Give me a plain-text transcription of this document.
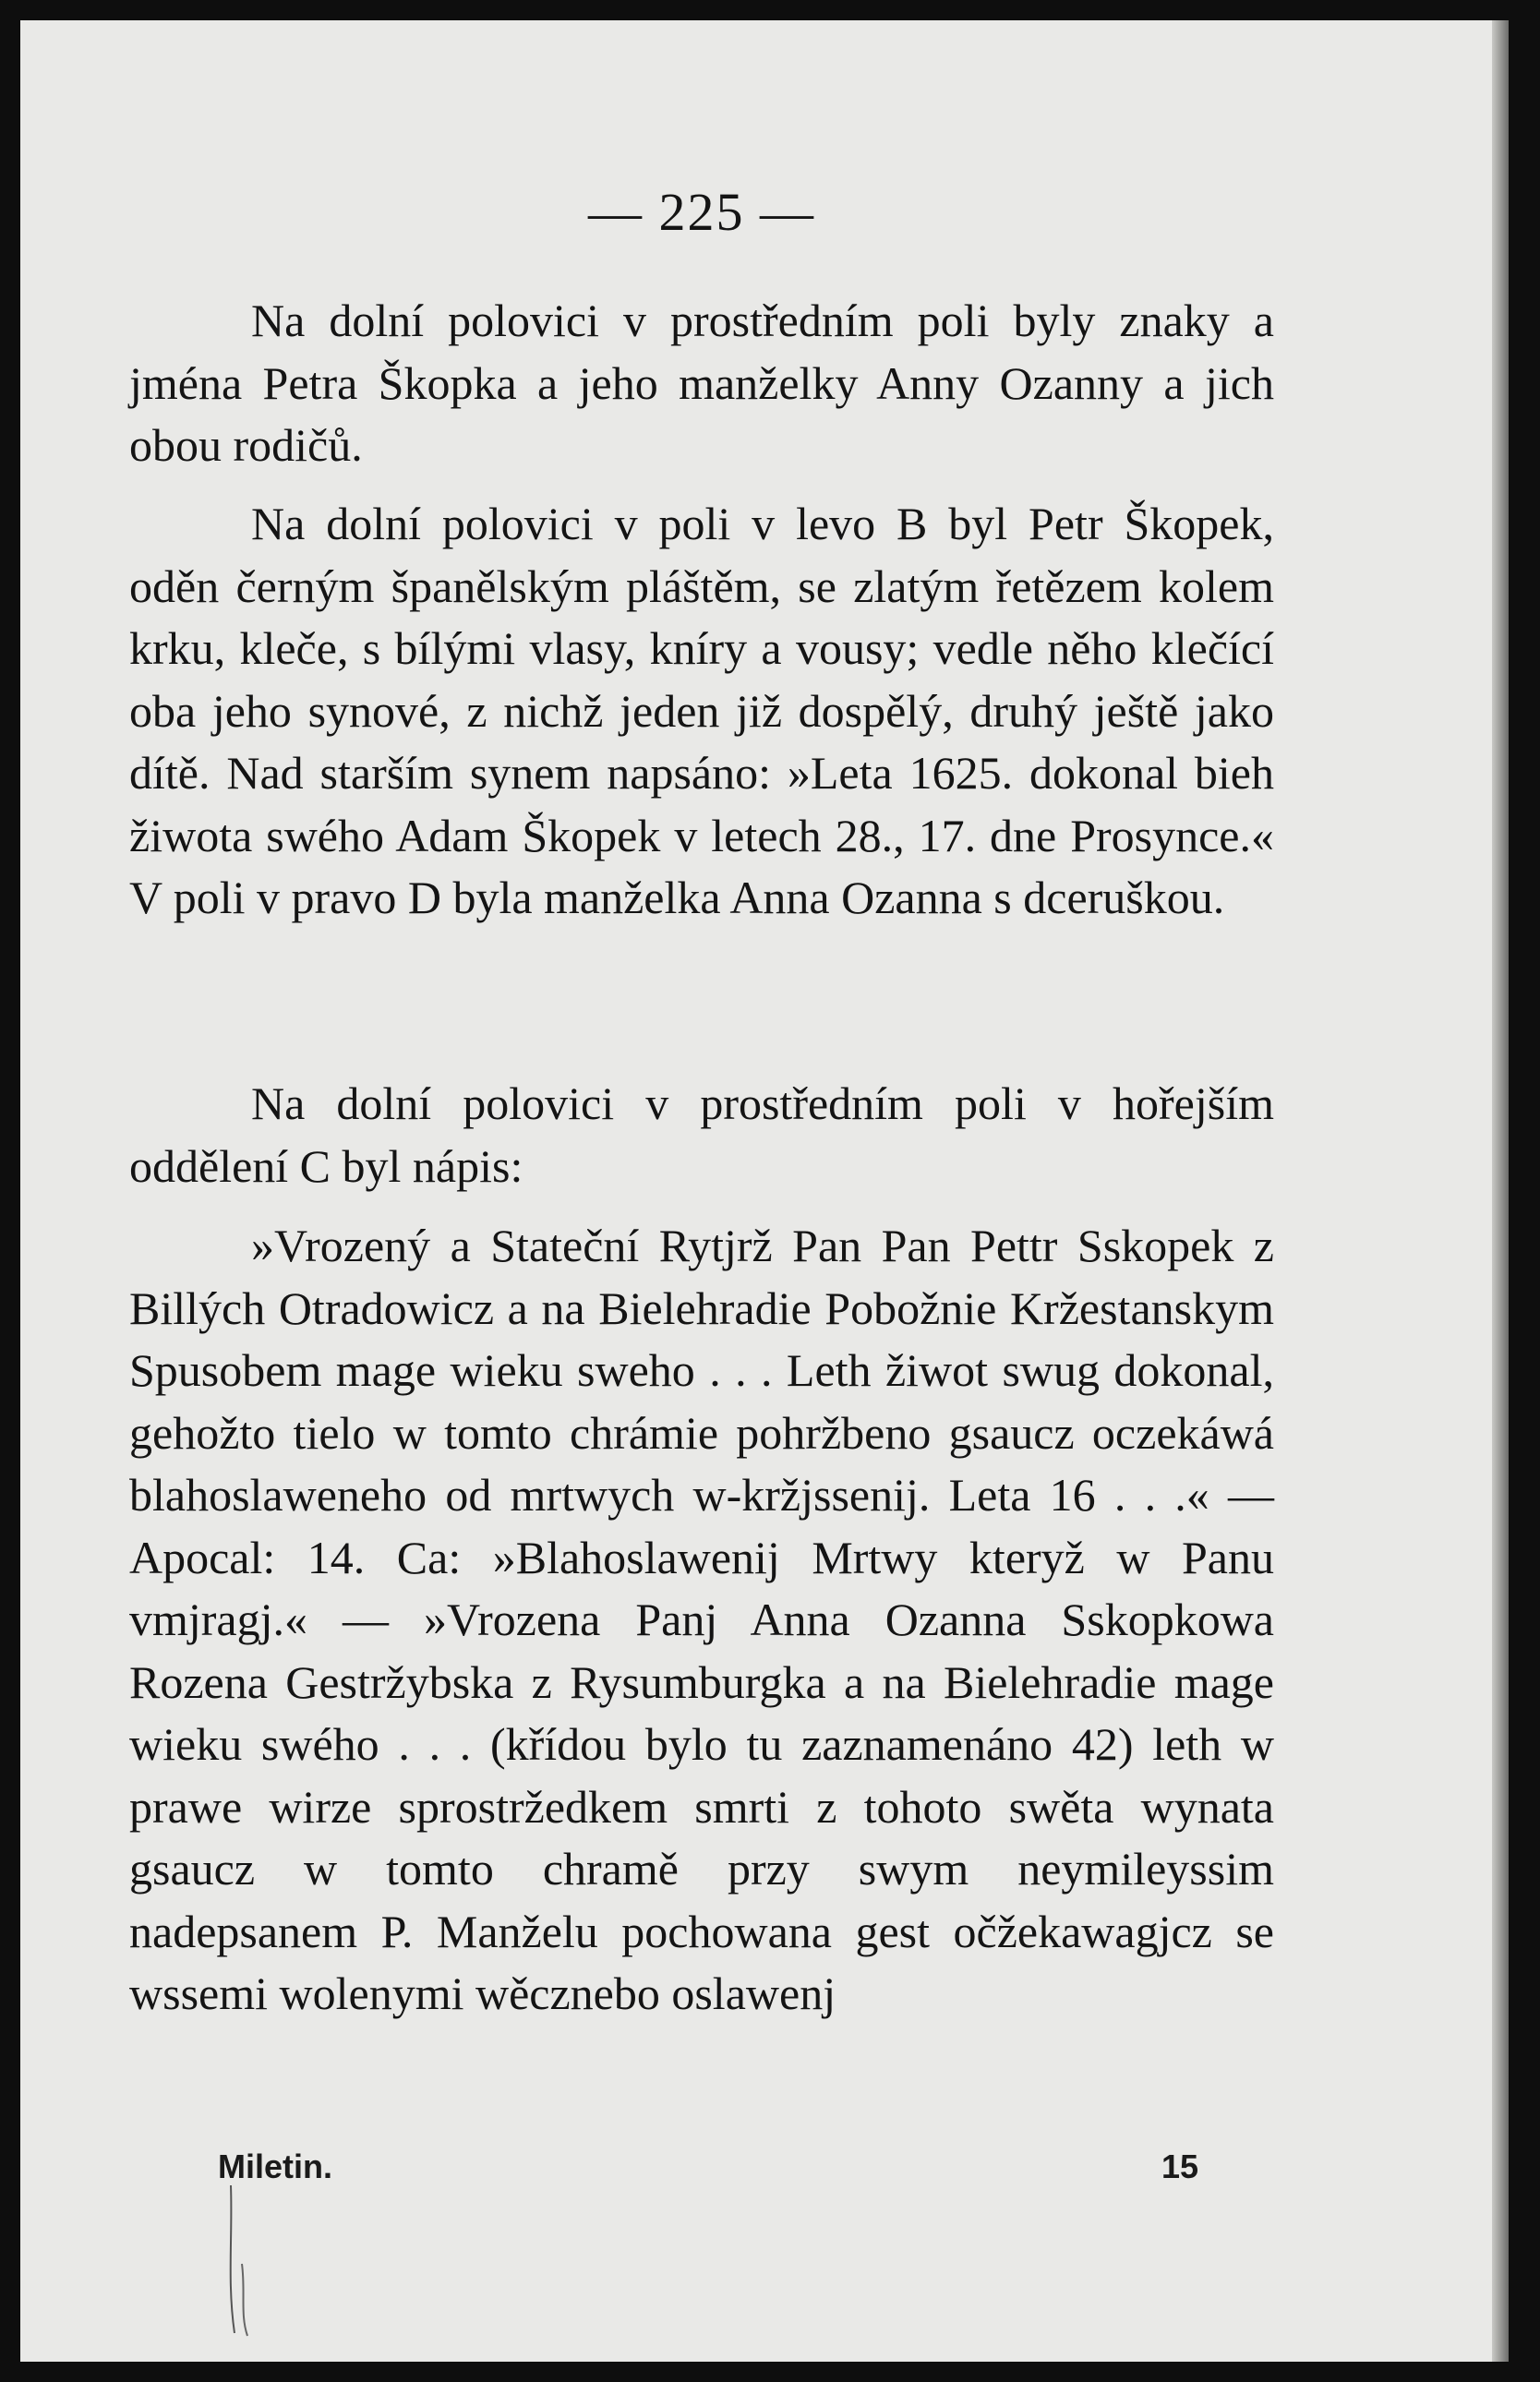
— 225 —

Na dolní polovici v prostředním poli byly znaky a jména Petra Škopka a jeho manželky Anny Ozanny a jich obou rodičů.

Na dolní polovici v poli v levo B byl Petr Škopek, oděn černým španělským pláštěm, se zlatým řetězem kolem krku, kleče, s bílými vlasy, kníry a vousy; vedle něho klečící oba jeho synové, z nichž jeden již dospělý, druhý ještě jako dítě. Nad starším synem napsáno: »Leta 1625. dokonal bieh žiwota swého Adam Škopek v letech 28., 17. dne Prosynce.« V poli v pravo D byla manželka Anna Ozanna s dceruškou.

Na dolní polovici v prostředním poli v hořejším oddělení C byl nápis:

»Vrozený a Stateční Rytjrž Pan Pan Pettr Sskopek z Billých Otradowicz a na Bielehradie Pobožnie Kržestanskym Spusobem mage wieku sweho . . . Leth žiwot swug dokonal, gehožto tielo w tomto chrámie pohržbeno gsaucz oczekáwá blahoslaweneho od mrtwych w-kržjssenij. Leta 16 . . .« — Apocal: 14. Ca: »Blahoslawenij Mrtwy kteryž w Panu vmjragj.« — »Vrozena Panj Anna Ozanna Sskopkowa Rozena Gestržybska z Rysumburgka a na Bielehradie mage wieku swého . . . (křídou bylo tu zaznamenáno 42) leth w prawe wirze sprostržedkem smrti z tohoto swěta wynata gsaucz w tomto chramě przy swym neymileyssim nadepsanem P. Manželu pochowana gest očžekawagjcz se wssemi wolenymi wěcznebo oslawenj

Miletin.	15
